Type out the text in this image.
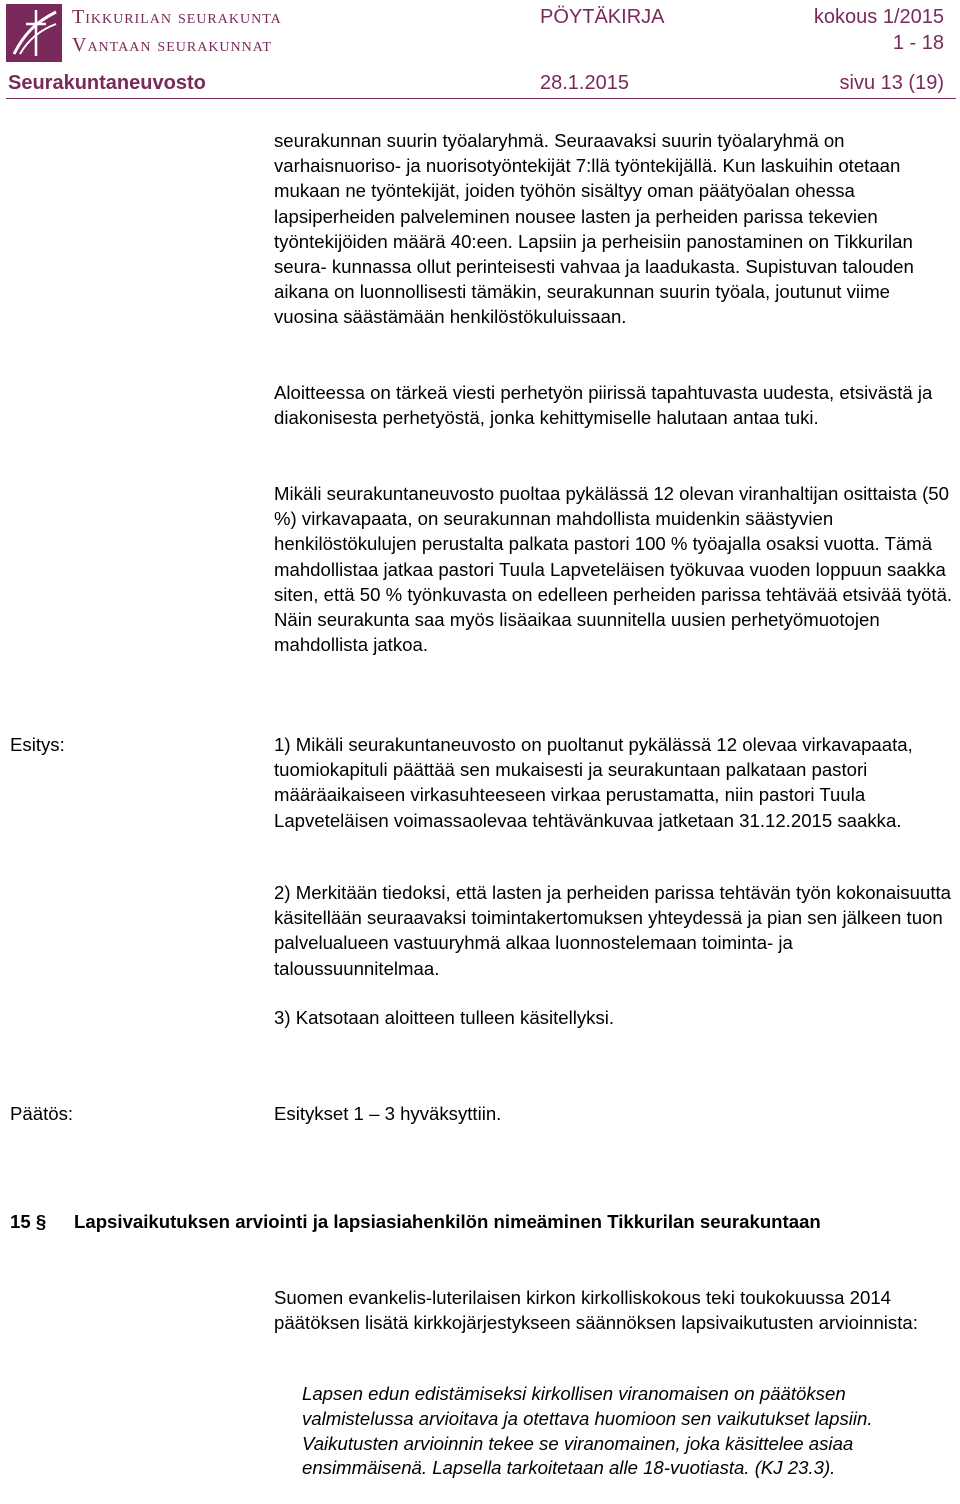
Tikkurilan seurakunta
Vantaan seurakunnat
PÖYTÄKIRJA	kokous 1/2015
1 - 18
Seurakuntaneuvosto	28.1.2015	sivu 13 (19)

seurakunnan suurin työalaryhmä. Seuraavaksi suurin työalaryhmä on varhaisnuoriso- ja nuorisotyöntekijät 7:llä työntekijällä. Kun laskuihin otetaan mukaan ne työntekijät, joiden työhön sisältyy oman päätyöalan ohessa lapsiperheiden palveleminen nousee lasten ja perheiden parissa tekevien työntekijöiden määrä 40:een. Lapsiin ja perheisiin panostaminen on Tikkurilan seura- kunnassa ollut perinteisesti vahvaa ja laadukasta. Supistuvan talouden aikana on luonnollisesti tämäkin, seurakunnan suurin työala, joutunut viime vuosina säästämään henkilöstökuluissaan.

Aloitteessa on tärkeä viesti perhetyön piirissä tapahtuvasta uudesta, etsivästä ja diakonisesta perhetyöstä, jonka kehittymiselle halutaan antaa tuki.

Mikäli seurakuntaneuvosto puoltaa pykälässä 12 olevan viranhaltijan osittaista (50 %) virkavapaata, on seurakunnan mahdollista muidenkin säästyvien henkilöstökulujen perustalta palkata pastori 100 % työajalla osaksi vuotta. Tämä mahdollistaa jatkaa pastori Tuula Lapveteläisen työkuvaa vuoden loppuun saakka siten, että 50 % työnkuvasta on edelleen perheiden parissa tehtävää etsivää työtä. Näin seurakunta saa myös lisäaikaa suunnitella uusien perhetyömuotojen mahdollista jatkoa.

Esitys:	1) Mikäli seurakuntaneuvosto on puoltanut pykälässä 12 olevaa virkavapaata, tuomiokapituli päättää sen mukaisesti ja seurakuntaan palkataan pastori määräaikaiseen virkasuhteeseen virkaa perustamatta, niin pastori Tuula Lapveteläisen voimassaolevaa tehtävänkuvaa jatketaan 31.12.2015 saakka.

2) Merkitään tiedoksi, että lasten ja perheiden parissa tehtävän työn kokonaisuutta käsitellään seuraavaksi toimintakertomuksen yhteydessä ja pian sen jälkeen tuon palvelualueen vastuuryhmä alkaa luonnostelemaan toiminta- ja taloussuunnitelmaa.

3) Katsotaan aloitteen tulleen käsitellyksi.

Päätös:	Esitykset 1 – 3 hyväksyttiin.

15 § Lapsivaikutuksen arviointi ja lapsiasiahenkilön nimeäminen Tikkurilan seurakuntaan

Suomen evankelis-luterilaisen kirkon kirkolliskokous teki toukokuussa 2014 päätöksen lisätä kirkkojärjestykseen säännöksen lapsivaikutusten arvioinnista:

Lapsen edun edistämiseksi kirkollisen viranomaisen on päätöksen valmistelussa arvioitava ja otettava huomioon sen vaikutukset lapsiin. Vaikutusten arvioinnin tekee se viranomainen, joka käsittelee asiaa ensimmäisenä. Lapsella tarkoitetaan alle 18-vuotiasta. (KJ 23.3).
